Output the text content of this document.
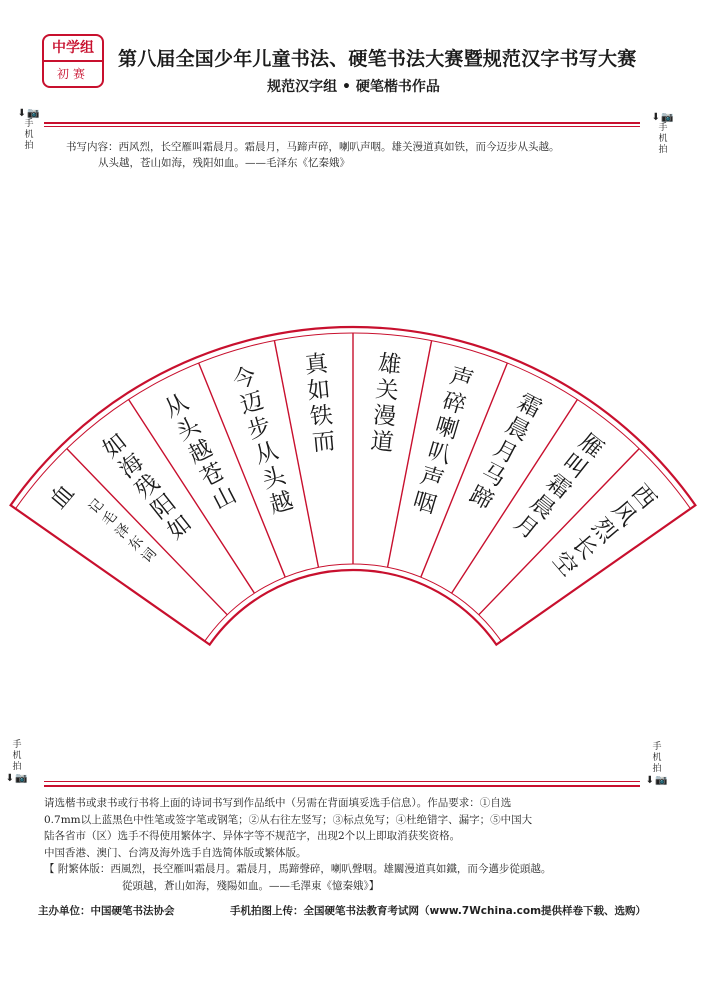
中学组
初赛
第八届全国少年儿童书法、硬笔书法大赛暨规范汉字书写大赛
规范汉字组 • 硬笔楷书作品
⬇📷
手
机
拍
⬇📷
手
机
拍
书写内容：西风烈，长空雁叫霜晨月。霜晨月，马蹄声碎，喇叭声咽。雄关漫道真如铁，而今迈步从头越。
从头越，苍山如海，残阳如血。——毛泽东《忆秦娥》
西
风
烈
长
空
雁
叫
霜
晨
月
霜
晨
月
马
蹄
声
碎
喇
叭
声
咽
雄
关
漫
道
真
如
铁
而
今
迈
步
从
头
越
从
头
越
苍
山
如
海
残
阳
如
血 记
毛
泽
东
词
手
机
拍
⬇📷
手
机
拍
⬇📷
请选楷书或隶书或行书将上面的诗词书写到作品纸中（另需在背面填妥选手信息）。作品要求：①自选
0.7mm以上蓝黑色中性笔或签字笔或钢笔；②从右往左竖写；③标点免写；④杜绝错字、漏字；⑤中国大
陆各省市（区）选手不得使用繁体字、异体字等不规范字，出现2个以上即取消获奖资格。
中国香港、澳门、台湾及海外选手自选简体版或繁体版。
【 附繁体版：西風烈，長空雁叫霜晨月。霜晨月，馬蹄聲碎，喇叭聲咽。雄關漫道真如鐵，而今邁步從頭越。
從頭越，蒼山如海，殘陽如血。——毛澤東《憶秦娥》】
主办单位：中国硬笔书法协会	手机拍图上传：全国硬笔书法教育考试网（www.7Wchina.com提供样卷下载、选购）
